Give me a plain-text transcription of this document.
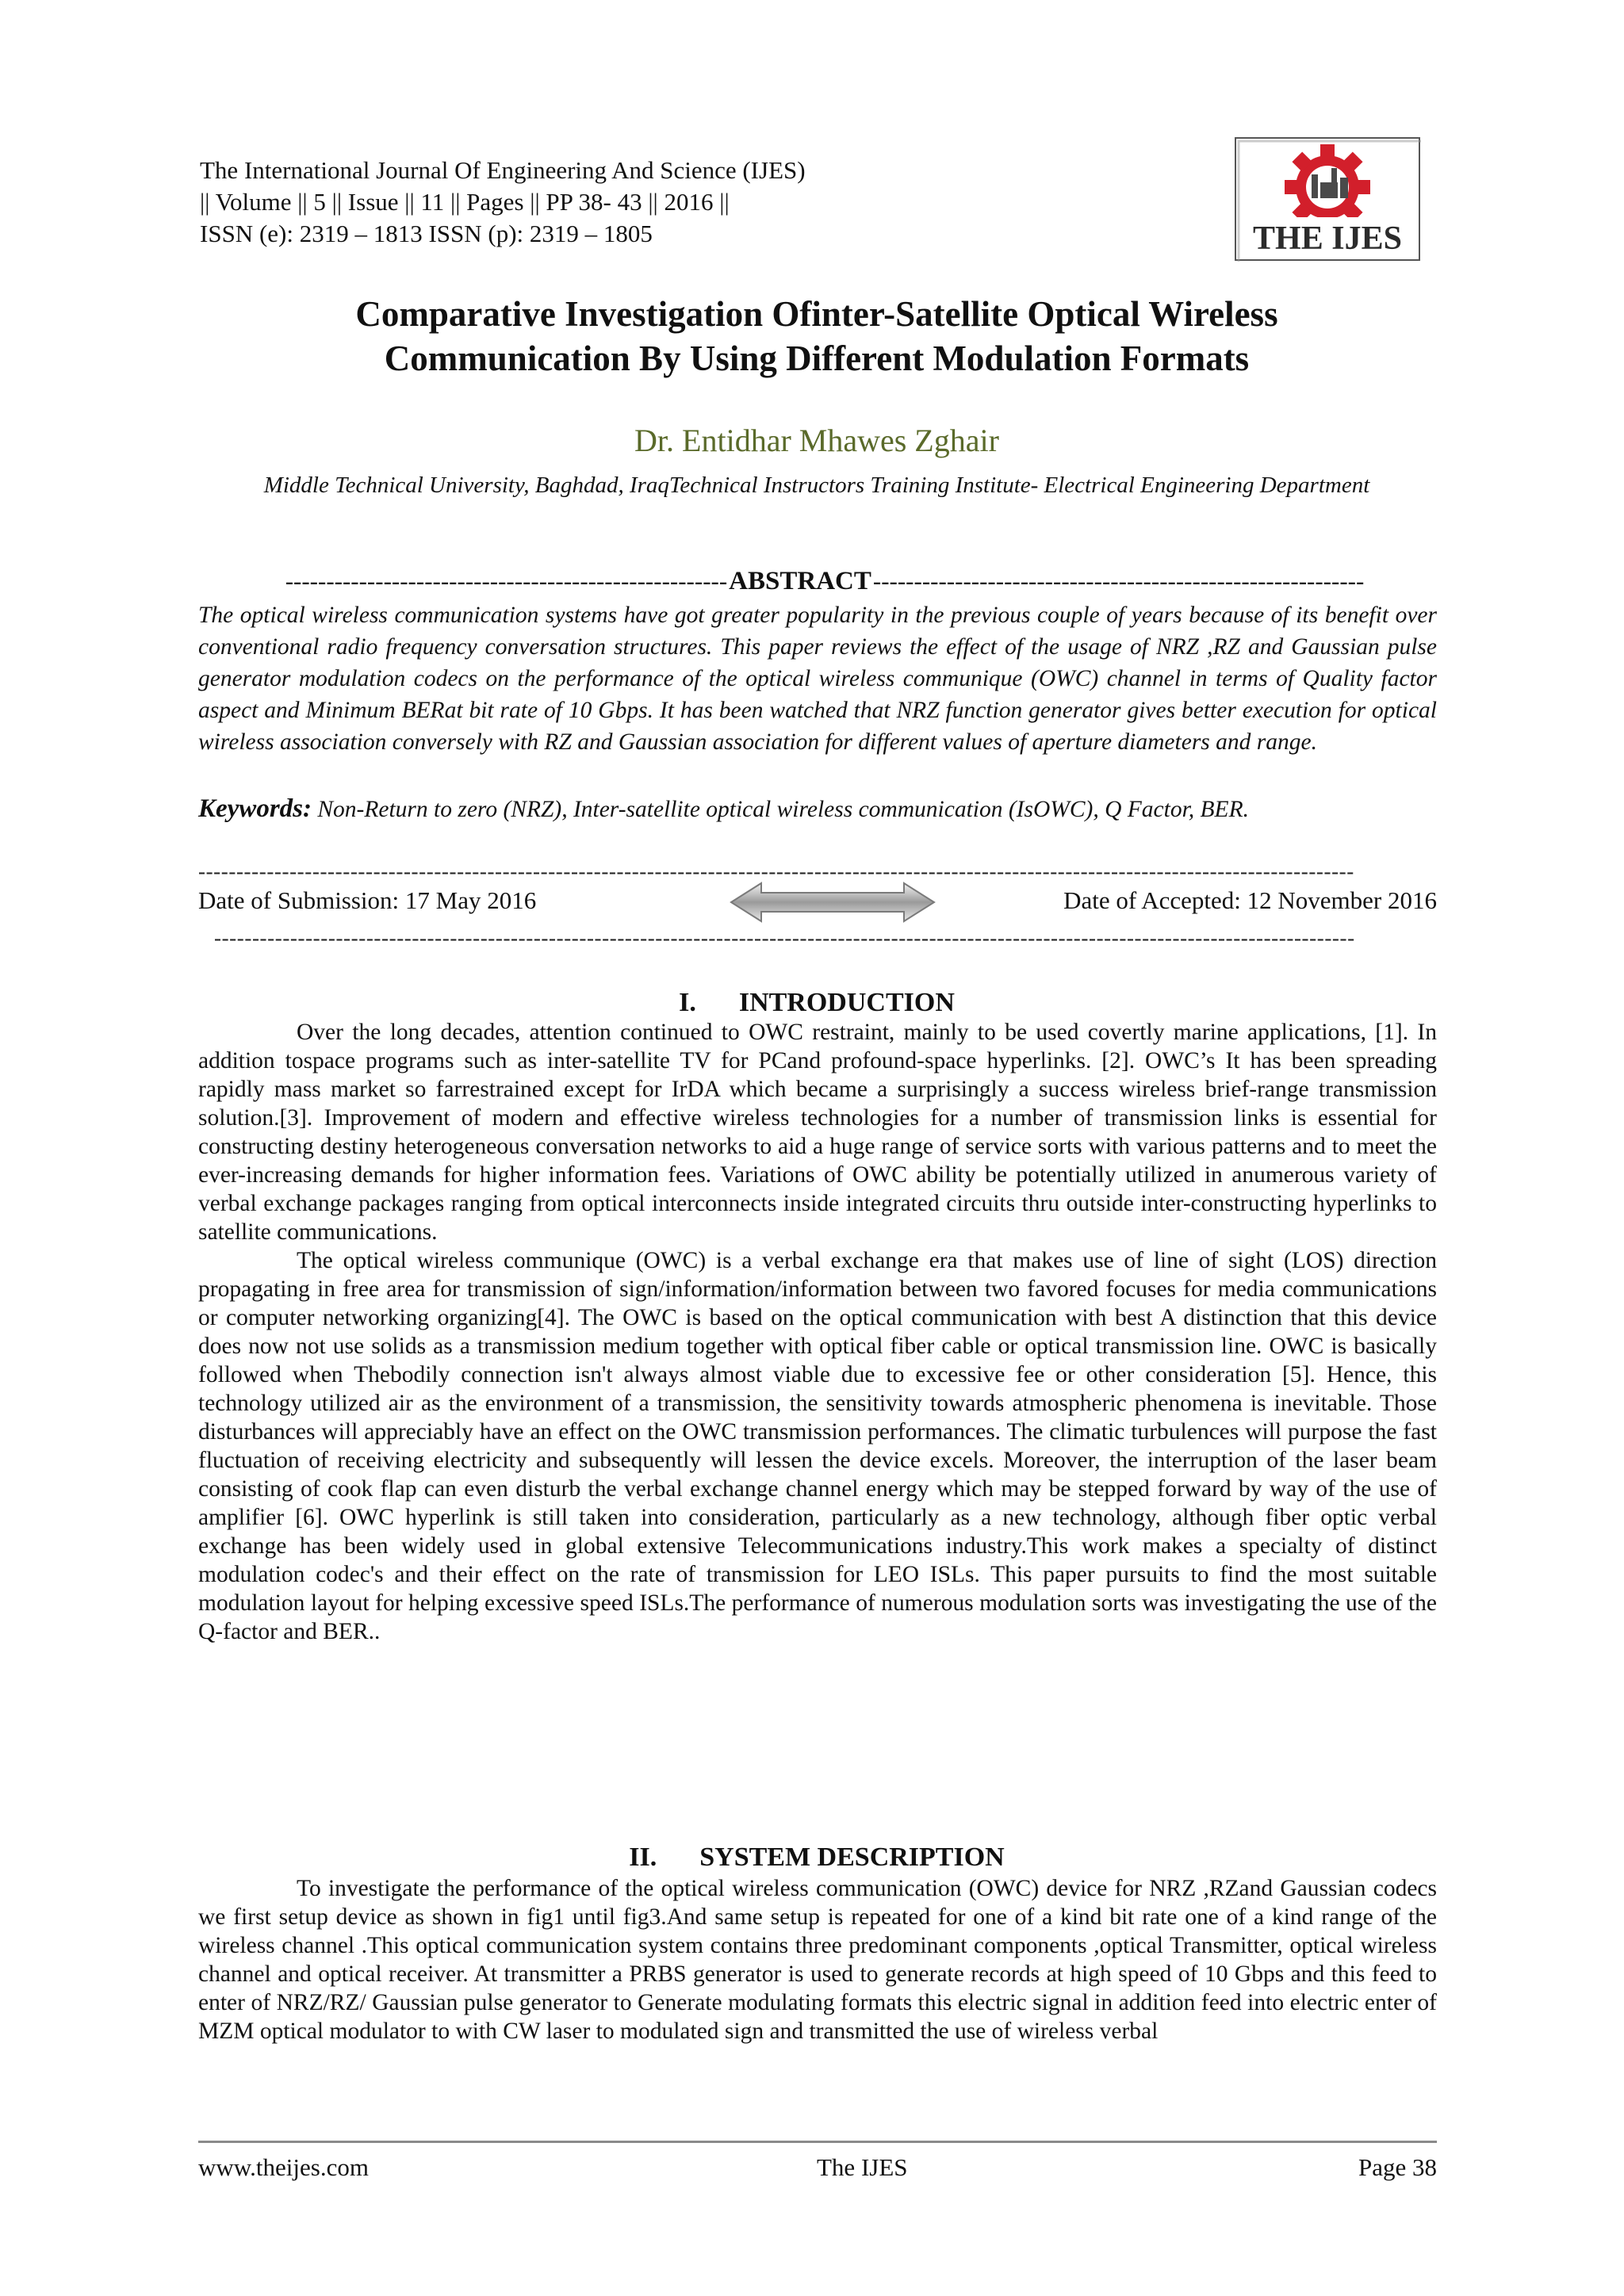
The International Journal Of Engineering And Science (IJES)
|| Volume || 5 || Issue || 11 || Pages || PP 38- 43 || 2016 ||
ISSN (e): 2319 – 1813 ISSN (p): 2319 – 1805	THE IJES
Comparative Investigation Ofinter-Satellite Optical Wireless
Communication By Using Different Modulation Formats
Dr. Entidhar Mhawes Zghair
Middle Technical University, Baghdad, IraqTechnical Instructors Training Institute- Electrical Engineering Department
------------------------------------------------------ABSTRACT------------------------------------------------------------
The optical wireless communication systems have got greater popularity in the previous couple of years because of its benefit over conventional radio frequency conversation structures. This paper reviews the effect of the usage of NRZ ,RZ and Gaussian pulse generator modulation codecs on the performance of the optical wireless communique (OWC) channel in terms of Quality factor aspect and Minimum BERat bit rate of 10 Gbps. It has been watched that NRZ function generator gives better execution for optical wireless association conversely with RZ and Gaussian association for different values of aperture diameters and range.
Keywords: Non-Return to zero (NRZ), Inter-satellite optical wireless communication (IsOWC), Q Factor, BER.
--------------------------------------------------------------------------------------------------------------------------------------------------------
Date of Submission: 17 May 2016	Date of Accepted: 12 November 2016
------------------------------------------------------------------------------------------------------------------------------------------------------
I. INTRODUCTION

Over the long decades, attention continued to OWC restraint, mainly to be used covertly marine applications, [1]. In addition tospace programs such as inter-satellite TV for PCand profound-space hyperlinks. [2]. OWC’s It has been spreading rapidly mass market so farrestrained except for IrDA which became a surprisingly a success wireless brief-range transmission solution.[3]. Improvement of modern and effective wireless technologies for a number of transmission links is essential for constructing destiny heterogeneous conversation networks to aid a huge range of service sorts with various patterns and to meet the ever-increasing demands for higher information fees. Variations of OWC ability be potentially utilized in anumerous variety of verbal exchange packages ranging from optical interconnects inside integrated circuits thru outside inter-constructing hyperlinks to satellite communications.

The optical wireless communique (OWC) is a verbal exchange era that makes use of line of sight (LOS) direction propagating in free area for transmission of sign/information/information between two favored focuses for media communications or computer networking organizing[4]. The OWC is based on the optical communication with best A distinction that this device does now not use solids as a transmission medium together with optical fiber cable or optical transmission line. OWC is basically followed when Thebodily connection isn't always almost viable due to excessive fee or other consideration [5]. Hence, this technology utilized air as the environment of a transmission, the sensitivity towards atmospheric phenomena is inevitable. Those disturbances will appreciably have an effect on the OWC transmission performances. The climatic turbulences will purpose the fast fluctuation of receiving electricity and subsequently will lessen the device excels. Moreover, the interruption of the laser beam consisting of cook flap can even disturb the verbal exchange channel energy which may be stepped forward by way of the use of amplifier [6]. OWC hyperlink is still taken into consideration, particularly as a new technology, although fiber optic verbal exchange has been widely used in global extensive Telecommunications industry.This work makes a specialty of distinct modulation codec's and their effect on the rate of transmission for LEO ISLs. This paper pursuits to find the most suitable modulation layout for helping excessive speed ISLs.The performance of numerous modulation sorts was investigating the use of the Q-factor and BER..

II. SYSTEM DESCRIPTION

To investigate the performance of the optical wireless communication (OWC) device for NRZ ,RZand Gaussian codecs we first setup device as shown in fig1 until fig3.And same setup is repeated for one of a kind bit rate one of a kind range of the wireless channel .This optical communication system contains three predominant components ,optical Transmitter, optical wireless channel and optical receiver. At transmitter a PRBS generator is used to generate records at high speed of 10 Gbps and this feed to enter of NRZ/RZ/ Gaussian pulse generator to Generate modulating formats this electric signal in addition feed into electric enter of MZM optical modulator to with CW laser to modulated sign and transmitted the use of wireless verbal

www.theijes.com	The IJES	Page 38
